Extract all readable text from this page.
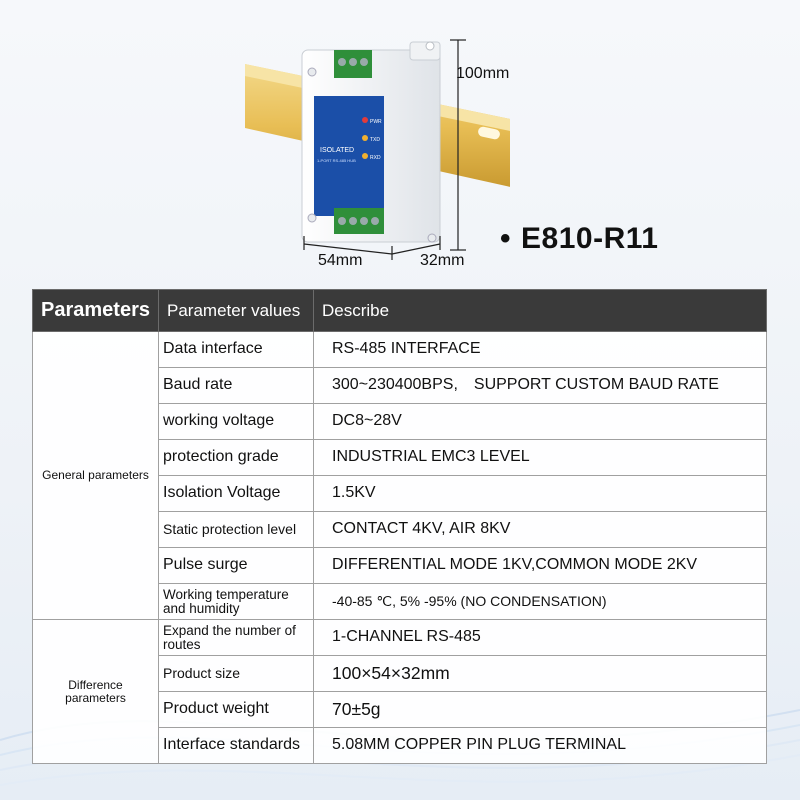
PWR
TXD
RXD
ISOLATED
1-PORT RS-485 HUB
100mm
54mm	32mm
• E810-R11
Parameters	Parameter values	Describe
General parameters	Data interface	RS-485 INTERFACE
	Baud rate	300~230400BPS,　SUPPORT CUSTOM BAUD RATE
	working voltage	DC8~28V
	protection grade	INDUSTRIAL EMC3 LEVEL
	Isolation Voltage	1.5KV
	Static protection level	CONTACT 4KV, AIR 8KV
	Pulse surge	DIFFERENTIAL MODE 1KV,COMMON MODE 2KV
	Working temperature and humidity	-40-85 ℃, 5% -95% (NO CONDENSATION)
Difference parameters	Expand the number of routes	1-CHANNEL RS-485
	Product size	100×54×32mm
	Product weight	70±5g
	Interface standards	5.08MM COPPER PIN PLUG TERMINAL
